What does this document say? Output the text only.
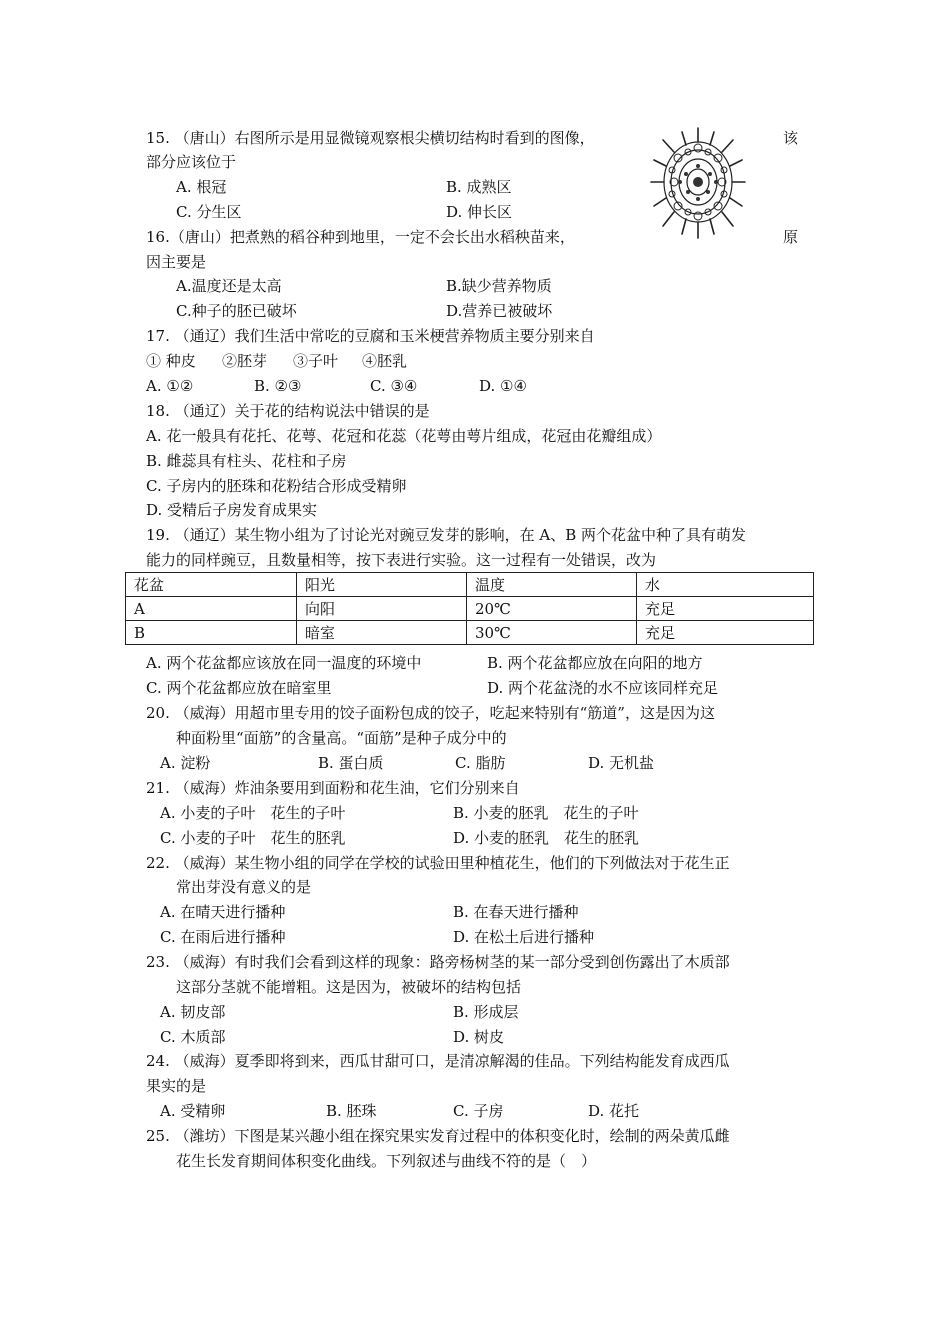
15. （唐山）右图所示是用显微镜观察根尖横切结构时看到的图像，	该
部分应该位于
A. 根冠	B. 成熟区
C. 分生区	D. 伸长区
16.（唐山）把煮熟的稻谷种到地里，一定不会长出水稻秧苗来，	原
因主要是
A.温度还是太高	B.缺少营养物质
C.种子的胚已破坏	D.营养已被破坏
17. （通辽）我们生活中常吃的豆腐和玉米梗营养物质主要分别来自
① 种皮 ②胚芽 ③子叶 ④胚乳
A. ①②	B. ②③	C. ③④	D. ①④
18. （通辽）关于花的结构说法中错误的是
A. 花一般具有花托、花萼、花冠和花蕊（花萼由萼片组成，花冠由花瓣组成）
B. 雌蕊具有柱头、花柱和子房
C. 子房内的胚珠和花粉结合形成受精卵
D. 受精后子房发育成果实
19. （通辽）某生物小组为了讨论光对豌豆发芽的影响，在 A、B 两个花盆中种了具有萌发
能力的同样豌豆，且数量相等，按下表进行实验。这一过程有一处错误，改为
花盆	阳光	温度	水
A	向阳	20℃	充足
B	暗室	30℃	充足
A. 两个花盆都应该放在同一温度的环境中	B. 两个花盆都应放在向阳的地方
C. 两个花盆都应放在暗室里	D. 两个花盆浇的水不应该同样充足
20. （威海）用超市里专用的饺子面粉包成的饺子，吃起来特别有“筋道”，这是因为这
种面粉里“面筋”的含量高。“面筋”是种子成分中的
A. 淀粉	B. 蛋白质	C. 脂肪	D. 无机盐
21. （威海）炸油条要用到面粉和花生油，它们分别来自
A. 小麦的子叶　花生的子叶	B. 小麦的胚乳　花生的子叶
C. 小麦的子叶　花生的胚乳	D. 小麦的胚乳　花生的胚乳
22. （威海）某生物小组的同学在学校的试验田里种植花生，他们的下列做法对于花生正
常出芽没有意义的是
A. 在晴天进行播种	B. 在春天进行播种
C. 在雨后进行播种	D. 在松土后进行播种
23. （威海）有时我们会看到这样的现象：路旁杨树茎的某一部分受到创伤露出了木质部
这部分茎就不能增粗。这是因为，被破坏的结构包括
A. 韧皮部	B. 形成层
C. 木质部	D. 树皮
24. （威海）夏季即将到来，西瓜甘甜可口，是清凉解渴的佳品。下列结构能发育成西瓜
果实的是
A. 受精卵	B. 胚珠	C. 子房	D. 花托
25. （潍坊）下图是某兴趣小组在探究果实发育过程中的体积变化时，绘制的两朵黄瓜雌
花生长发育期间体积变化曲线。下列叙述与曲线不符的是（　）
